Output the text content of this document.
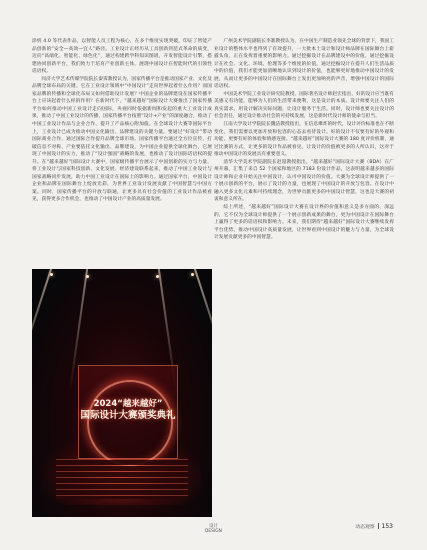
涂机 4.0 等代表作品，以智能人员工程为核心，在多个维度实现突破，印证了智能产品创新的“安全—高效—宜人”路径。工业设计正经历从工具创新到范式革命的质变，迈向“高端化、智能化、绿色化”，通过构建跨学科知识图谱，开发智能设计引擎，搭建协同创新平台，我们致力于培育产业创新主体，展现中国设计在智能时代的引领性话语权。

同济大学艺术传媒学院院长秦霁教授认为，国家传播平台是推动国家产业、文化及品牌全球布局的关键。它在工业设计领域中“中国设计”走向世界起着什么作用？而国家品牌的传播和全球化布局又如何借助设计发展？中国企业的品牌建设在国家传播平台上应该起着什么样的作用？在新时代下，“越来越好”国际设计大赛推出了国家传播平台如何推动中国工业设计走向国际，央视同时依据新闻和发起的重大工业设计成果，推动了中国工业设计的传播，国家传播平台按照“设计+产业”的深度融合，推动了中国工业设计作品与企业合作，提升了产品核心附加值。在全球设计大赛等国际平台上，工业设计已成为推动中国文化输出、品牌建设的关键力量。要通过“好设计”带动国际商业合作，通过国际合作提升品牌全球市场。国家传播平台通过全方位宣传，打破信息不对称，产业要依托文化输出、品牌建设，为中国企业提供全球化舞台，它展现了中国设计的实力，推动了“设计强国”战略的发展，也推动了设计国际话语权的提升。在“越来越好”国际设计大赛中，国家级传播平台展示了中国创新的实力与力量，将工业设计与国家科技创新、文化发展、经济建设联系起来，推动了中国工业设计与国家战略同步发展，助力中国工业设计在国际上的影响力。通过国家平台，中国设计企业和品牌在国际舞台上绽放光彩，为世界工业设计发展贡献了中国智慧与中国方案。同时，国家传播平台的开放与联通，让更多具有社会价值的工业设计作品被看见，获得更多合作机会，也推动了中国设计产业的高质量发展。

2024“越来越好”
国际设计大赛颁奖典礼

广州美术学院副院长李寨教授认为，在中国生产制造业领先全球的背景下，我国工业设计的整体水平也得到了有效提升，一大批本土设计和设计师品牌在国际舞台上崭露头角，正在发挥着重要的影响力。通过挖掘设计在品牌建设中的价值，通过挖掘设计在社会、文化、环境、伦理等多个维度的价值，通过挖掘设计在提升人们生活品质中的价值，我们才能更加清晰地认识到设计的价值，也能够更好地推动中国设计的发展，从而让更多的中国设计在国际舞台上发出更加响亮的声音，增强中国设计的国际话语权。

中国美术学院工业设计研究院教授、国际著名设计师赵宏指出，好的设计应当既有美感又有功能，能够为人们的生活带来便利，这是设计的本质。设计师要关注人们的真实需求，用设计解决实际问题，让设计服务于生活。同时，设计师也要关注设计的社会责任，通过设计推动社会的可持续发展，这是新时代设计师的使命与担当。

江南大学设计学院院长魏洁教授指出，在信息爆炸的时代，设计评价标准也在不断变化，我们需要以更加开放和包容的心态去看待设计。好的设计不仅要有好的外观和功能，更要有好的体验和情感连接。“越来越好”国际设计大赛的 180 度评价机制，通过比赛的方式，让更多的设计作品被看见，让设计的价值被更多的人所认识，这对于推动中国设计的发展具有重要意义。

清华大学美术学院副院长赵超教授指出，“越来越好”国际设计大赛（BDA）在广州开幕，汇集了来自 52 个国家和地区的 7183 份设计作品，这表明越来越多的国际设计师和企业开始关注中国设计，认可中国设计的价值。大赛为全球设计师提供了一个展示创新的平台，展示了设计的力量，也展现了中国设计的开放与包容。在设计中融入更多文化元素和可持续理念，为世界贡献更多的中国设计智慧，这也是大赛的初衷和意义所在。

综上所述，“越来越好”国际设计大赛在设计界的价值和意义是多方面的、深远的，它不仅为全球设计师提供了一个展示创新成果的舞台，更为中国设计在国际舞台上赢得了更多的话语权和影响力。未来，我们期待“越来越好”国际设计大赛继续发挥平台优势，推动中国设计高质量发展，让世界看到中国设计的魅力与力量，为全球设计发展贡献更多的中国智慧。

设计
DESIGN
动态观察 153
